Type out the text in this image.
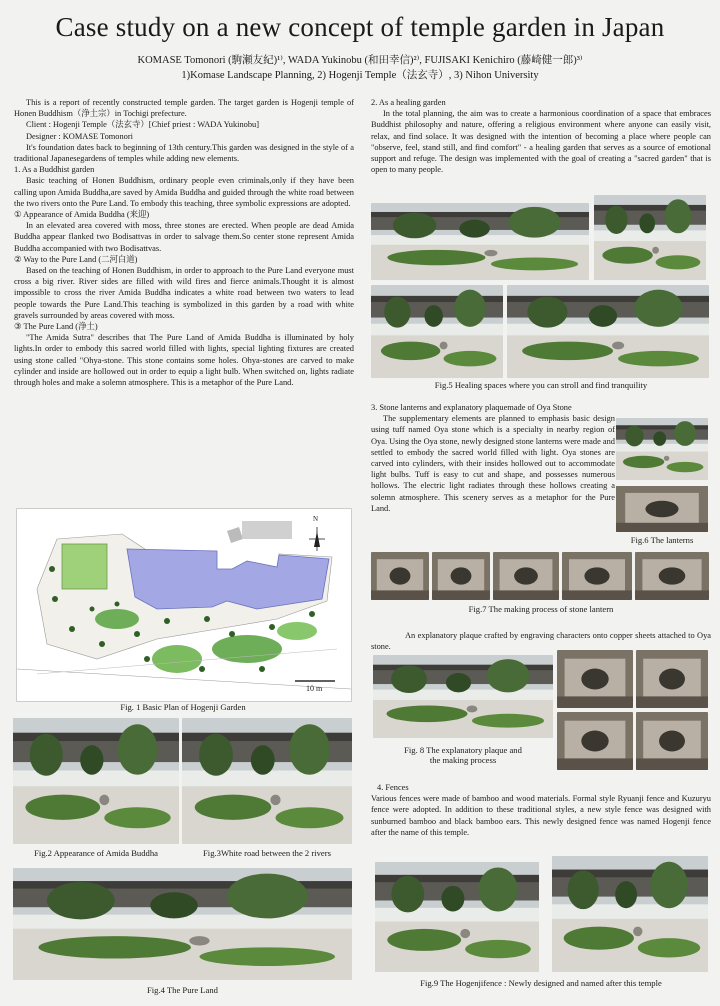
Case study on a new concept of temple garden in Japan
KOMASE Tomonori (駒瀬友紀)¹⁾, WADA Yukinobu (和田幸信)²⁾, FUJISAKI Kenichiro (藤崎健一郎)³⁾
1)Komase Landscape Planning, 2) Hogenji Temple（法玄寺）, 3) Nihon University

This is a report of recently constructed temple garden. The target garden is Hogenji temple of Honen Buddhism（浄土宗）in Tochigi prefecture.

Client : Hogenji Temple（法玄寺）[Chief priest : WADA Yukinobu]

Designer : KOMASE Tomonori

It's foundation dates back to beginning of 13th century.This garden was designed in the style of a traditional Japanesegardens of temples while adding new elements.

1. As a Buddhist garden

Basic teaching of Honen Buddhism, ordinary people even criminals,only if they have been calling upon Amida Buddha,are saved by Amida Buddha and guided through the white road between the two rivers onto the Pure Land. To embody this teaching, three symbolic expressions are adopted.

① Appearance of Amida Buddha (来迎)

In an elevated area covered with moss, three stones are erected. When people are dead Amida Buddha appear flanked two Bodisattvas in order to salvage them.So center stone represent Amida Buddha accompanied with two Bodisattvas.

② Way to the Pure Land (二河白道)

Based on the teaching of Honen Buddhism, in order to approach to the Pure Land everyone must cross a big river. River sides are filled with wild fires and fierce animals.Thought it is almost impossible to cross the river Amida Buddha indicates a white road between two waters to lead people towards the Pure Land.This teaching is symbolized in this garden by a road with white gravels surrounded by areas covered with moss.

③ The Pure Land (浄土)

"The Amida Sutra" describes that The Pure Land of Amida Buddha is illuminated by holy lights.In order to embody this sacred world filled with lights, special lighting fixtures are created using stone called "Ohya-stone. This stone contains some holes. Ohya-stones are carved to make cylinder and inside are hollowed out in order to equip a light bulb. When switched on, lights radiate through holes and make a solemn atmosphere. This is a metaphor of the Pure Land.

10 m
N
Fig. 1 Basic Plan of Hogenji Garden
Fig.2 Appearance of Amida Buddha	Fig.3White road between the 2 rivers
Fig.4 The Pure Land

2. As a healing garden

In the total planning, the aim was to create a harmonious coordination of a space that embraces Buddhist philosophy and nature, offering a religious environment where anyone can easily visit, relax, and find solace. It was designed with the intention of becoming a place where people can "observe, feel, stand still, and find comfort" - a healing garden that serves as a source of emotional support and refuge. The design was implemented with the goal of creating a "sacred garden" that is open to many people.

Fig.5 Healing spaces where you can stroll and find tranquility

3. Stone lanterns and explanatory plaquemade of Oya Stone

The supplementary elements are planned to emphasis basic design using tuff named Oya stone which is a specialty in nearby region of Oya. Using the Oya stone, newly designed stone lanterns were made and settled to embody the sacred world filled with light. Oya stones are carved into cylinders, with their insides hollowed out to accommodate light bulbs. Tuff is easy to cut and shape, and possesses numerous hollows. The electric light radiates through these hollows creating a solemn atmosphere. This scenery serves as a metaphor for the Pure Land.

Fig.6 The lanterns
Fig.7 The making process of stone lantern

An explanatory plaque crafted by engraving characters onto copper sheets attached to Oya stone.

Fig. 8 The explanatory plaque and
the making process

4. Fences

Various fences were made of bamboo and wood materials. Formal style Ryuanji fence and Kuzuryu fence were adopted. In addition to these traditional styles, a new style fence was designed with sunburned bamboo and black bamboo ears. This newly designed fence was named Hogenji fence after the name of this temple.

Fig.9 The Hogenjifence : Newly designed and named after this temple
